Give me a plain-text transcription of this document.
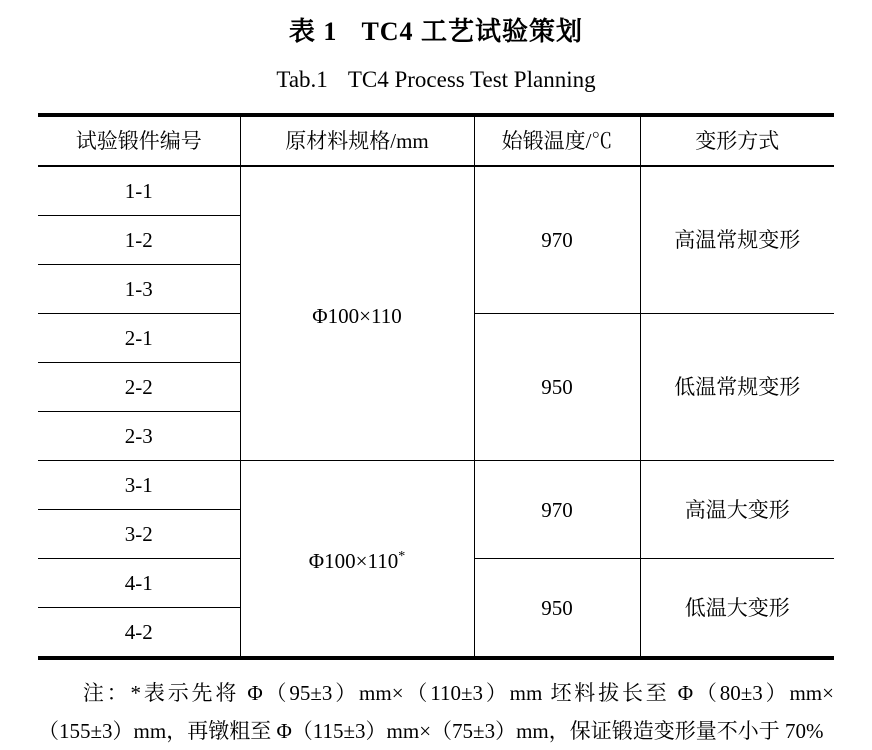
表 1 TC4 工艺试验策划
Tab.1 TC4 Process Test Planning
试验锻件编号	原材料规格/mm	始锻温度/℃	变形方式
1-1	Φ100×110	970	高温常规变形
1-2			
1-3			
2-1		950	低温常规变形
2-2			
2-3			
3-1	Φ100×110*	970	高温大变形
3-2			
4-1		950	低温大变形
4-2			
注：*表示先将 Φ（95±3）mm×（110±3）mm 坯料拔长至 Φ（80±3）mm×（155±3）mm，再镦粗至 Φ（115±3）mm×（75±3）mm，保证锻造变形量不小于 70%
